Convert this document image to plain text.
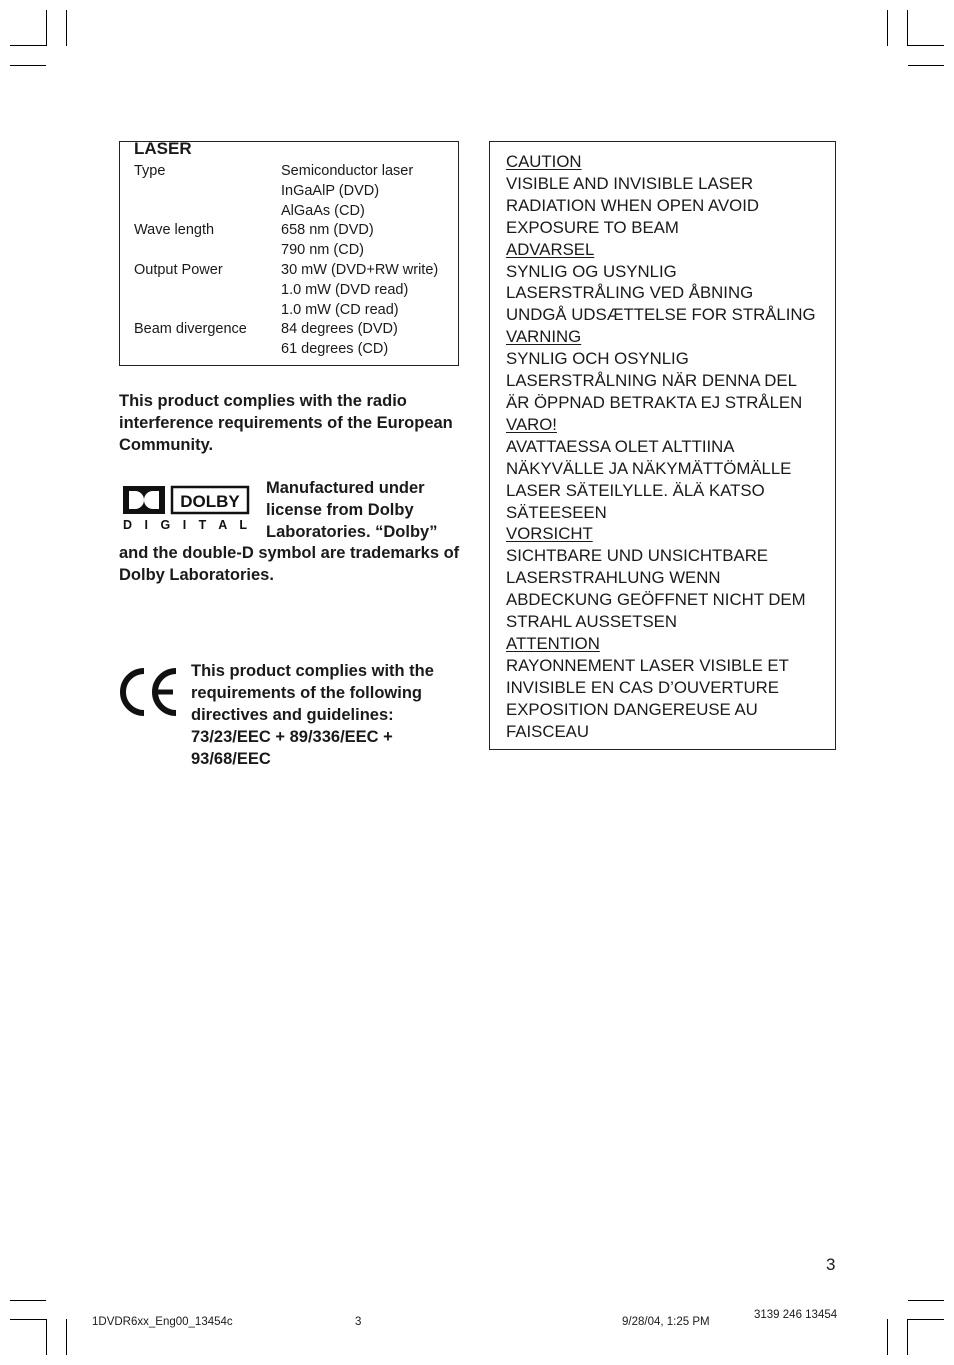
LASER
Type	Semiconductor laser
InGaAlP (DVD)
AlGaAs (CD)
Wave length	658 nm (DVD)
790 nm (CD)
Output Power	30 mW (DVD+RW write)
1.0 mW (DVD read)
1.0 mW (CD read)
Beam divergence	84 degrees (DVD)
61 degrees (CD)
This product complies with the radio interference requirements of the European Community.
DOLBY
D I G I T A L
Manufactured under license from Dolby Laboratories. “Dolby”
and the double-D symbol are trademarks of Dolby Laboratories.
This product complies with the requirements of the following directives and guidelines: 73/23/EEC + 89/336/EEC + 93/68/EEC
CAUTION
VISIBLE AND INVISIBLE LASER
RADIATION WHEN OPEN AVOID
EXPOSURE TO BEAM
ADVARSEL
SYNLIG OG USYNLIG
LASERSTRÅLING VED ÅBNING
UNDGÅ UDSÆTTELSE FOR STRÅLING
VARNING
SYNLIG OCH OSYNLIG
LASERSTRÅLNING NÄR DENNA DEL
ÄR ÖPPNAD BETRAKTA EJ STRÅLEN
VARO!
AVATTAESSA OLET ALTTIINA
NÄKYVÄLLE JA NÄKYMÄTTÖMÄLLE
LASER SÄTEILYLLE. ÄLÄ KATSO
SÄTEESEEN
VORSICHT
SICHTBARE UND UNSICHTBARE
LASERSTRAHLUNG WENN
ABDECKUNG GEÖFFNET NICHT DEM
STRAHL AUSSETSEN
ATTENTION
RAYONNEMENT LASER VISIBLE ET
INVISIBLE EN CAS D’OUVERTURE
EXPOSITION DANGEREUSE AU
FAISCEAU
3
1DVDR6xx_Eng00_13454c	3	9/28/04, 1:25 PM
3139 246 13454
